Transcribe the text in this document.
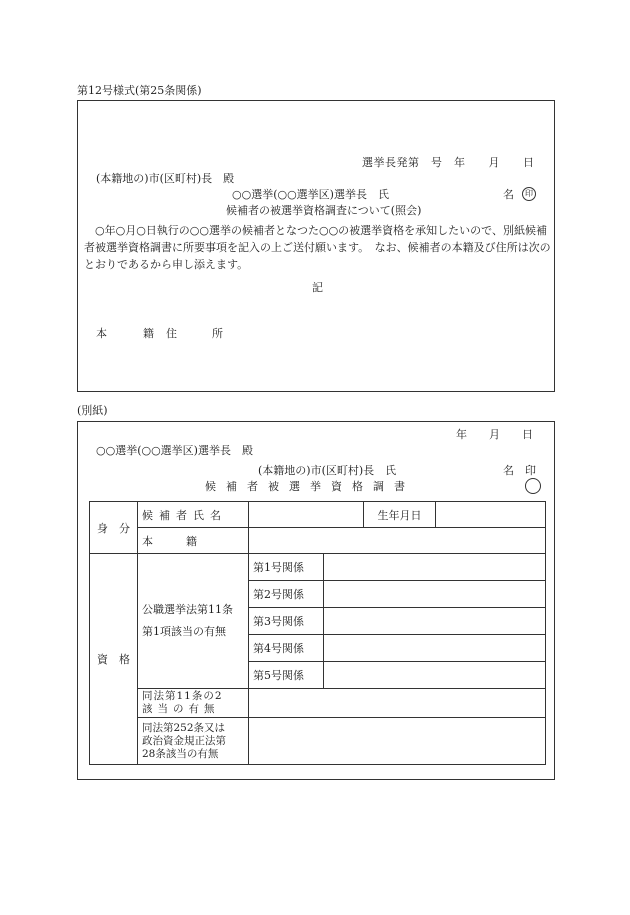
第12号様式(第25条関係)
選挙長発第　号　年　　月　　日
(本籍地の)市(区町村)長　殿
○○選挙(○○選挙区)選挙長　氏	名	印
候補者の被選挙資格調査について(照会)
○年○月○日執行の○○選挙の候補者となつた○○の被選挙資格を承知したいので、別紙候補者被選挙資格調書に所要事項を記入の上ご送付願います。　なお、候補者の本籍及び住所は次のとおりであるから申し添えます。
記
本	籍 住	所
(別紙)
年　　月　　日
○○選挙(○○選挙区)選挙長　殿
(本籍地の)市(区町村)長　氏	名　印
候補者被選挙資格調書
身　分	候補者氏名			生年月日	
	本　　　籍				
資　格	公職選挙法第11条
第1項該当の有無	第1号関係			
		第2号関係			
		第3号関係			
		第4号関係			
		第5号関係			

	同法第11条の2
該当の有無				

	同法第252条又は
政治資金規正法第
28条該当の有無				
